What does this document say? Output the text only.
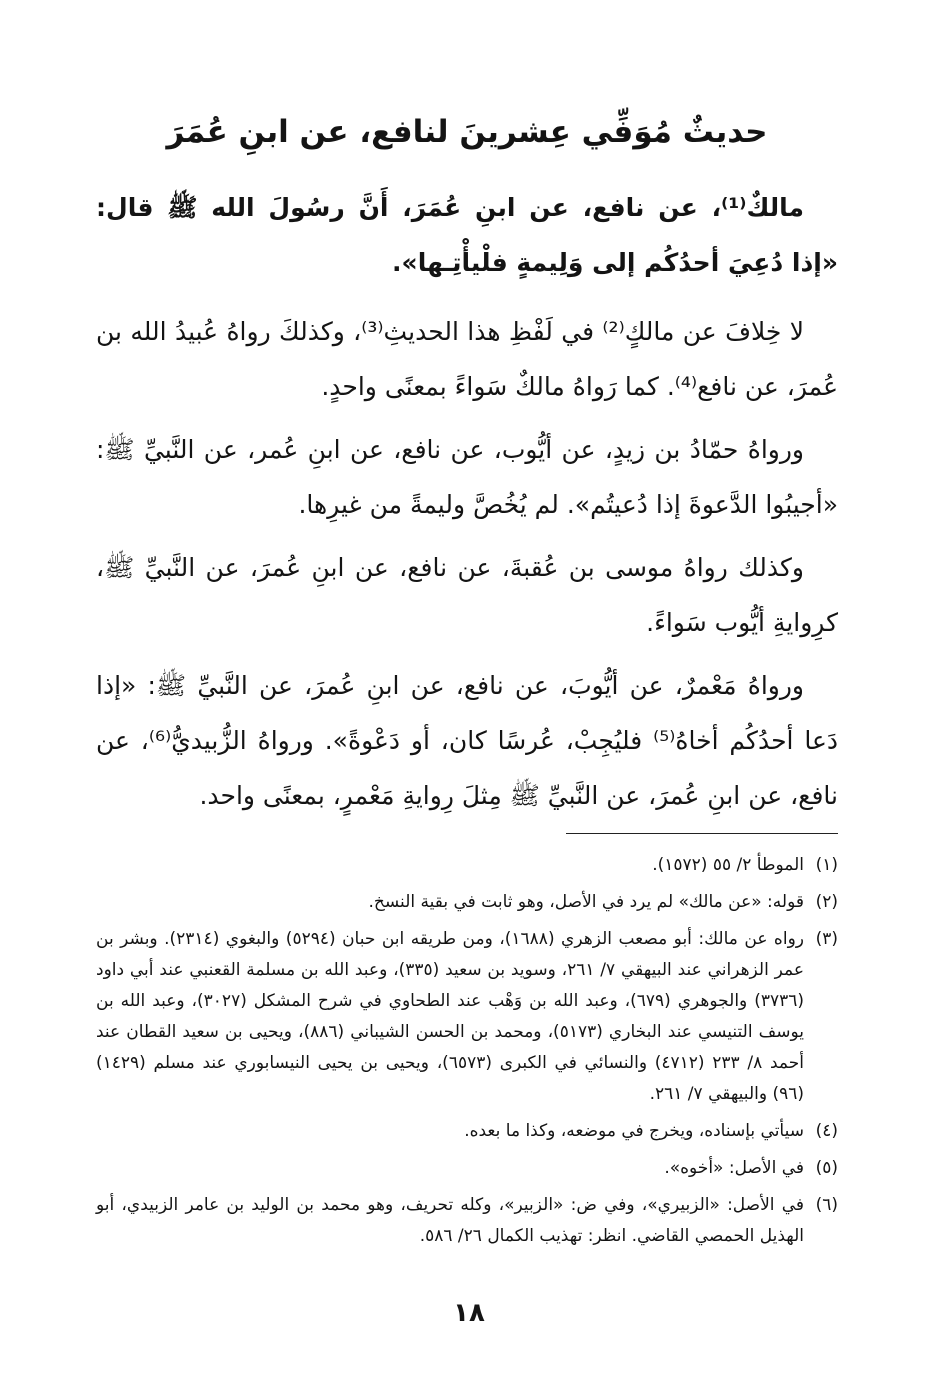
حديثٌ مُوَفِّي عِشرينَ لنافع، عن ابنِ عُمَرَ

مالكٌ⁽¹⁾، عن نافع، عن ابنِ عُمَرَ، أَنَّ رسُولَ الله ﷺ قال: «إذا دُعِيَ أحدُكُم إلى وَلِيمةٍ فلْيأْتِـها».

لا خِلافَ عن مالكٍ⁽²⁾ في لَفْظِ هذا الحديثِ⁽³⁾، وكذلكَ رواهُ عُبيدُ الله بن عُمرَ، عن نافع⁽⁴⁾. كما رَواهُ مالكٌ سَواءً بمعنًى واحدٍ.

ورواهُ حمّادُ بن زيدٍ، عن أيُّوب، عن نافع، عن ابنِ عُمر، عن النَّبيِّ ﷺ: «أجيبُوا الدَّعوةَ إذا دُعيتُم». لم يُخُصَّ وليمةً من غيرِها.

وكذلك رواهُ موسى بن عُقبةَ، عن نافع، عن ابنِ عُمرَ، عن النَّبيِّ ﷺ، كرِوايةِ أيُّوب سَواءً.

ورواهُ مَعْمرٌ، عن أيُّوبَ، عن نافع، عن ابنِ عُمرَ، عن النَّبيِّ ﷺ: «إذا دَعا أحدُكُم أخاهُ⁽⁵⁾ فليُجِبْ، عُرسًا كان، أو دَعْوةً». ورواهُ الزُّبيديُّ⁽⁶⁾، عن نافع، عن ابنِ عُمرَ، عن النَّبيِّ ﷺ مِثلَ رِوايةِ مَعْمرٍ، بمعنًى واحد.

(١)الموطأ ٢/ ٥٥ (١٥٧٢).
(٢)قوله: «عن مالك» لم يرد في الأصل، وهو ثابت في بقية النسخ.
(٣)رواه عن مالك: أبو مصعب الزهري (١٦٨٨)، ومن طريقه ابن حبان (٥٢٩٤) والبغوي (٢٣١٤). وبشر بن عمر الزهراني عند البيهقي ٧/ ٢٦١، وسويد بن سعيد (٣٣٥)، وعبد الله بن مسلمة القعنبي عند أبي داود (٣٧٣٦) والجوهري (٦٧٩)، وعبد الله بن وَهْب عند الطحاوي في شرح المشكل (٣٠٢٧)، وعبد الله بن يوسف التنيسي عند البخاري (٥١٧٣)، ومحمد بن الحسن الشيباني (٨٨٦)، ويحيى بن سعيد القطان عند أحمد ٨/ ٢٣٣ (٤٧١٢) والنسائي في الكبرى (٦٥٧٣)، ويحيى بن يحيى النيسابوري عند مسلم (١٤٢٩) (٩٦) والبيهقي ٧/ ٢٦١.
(٤)سيأتي بإسناده، ويخرج في موضعه، وكذا ما بعده.
(٥)في الأصل: «أخوه».
(٦)في الأصل: «الزبيري»، وفي ض: «الزبير»، وكله تحريف، وهو محمد بن الوليد بن عامر الزبيدي، أبو الهذيل الحمصي القاضي. انظر: تهذيب الكمال ٢٦/ ٥٨٦.
١٨
